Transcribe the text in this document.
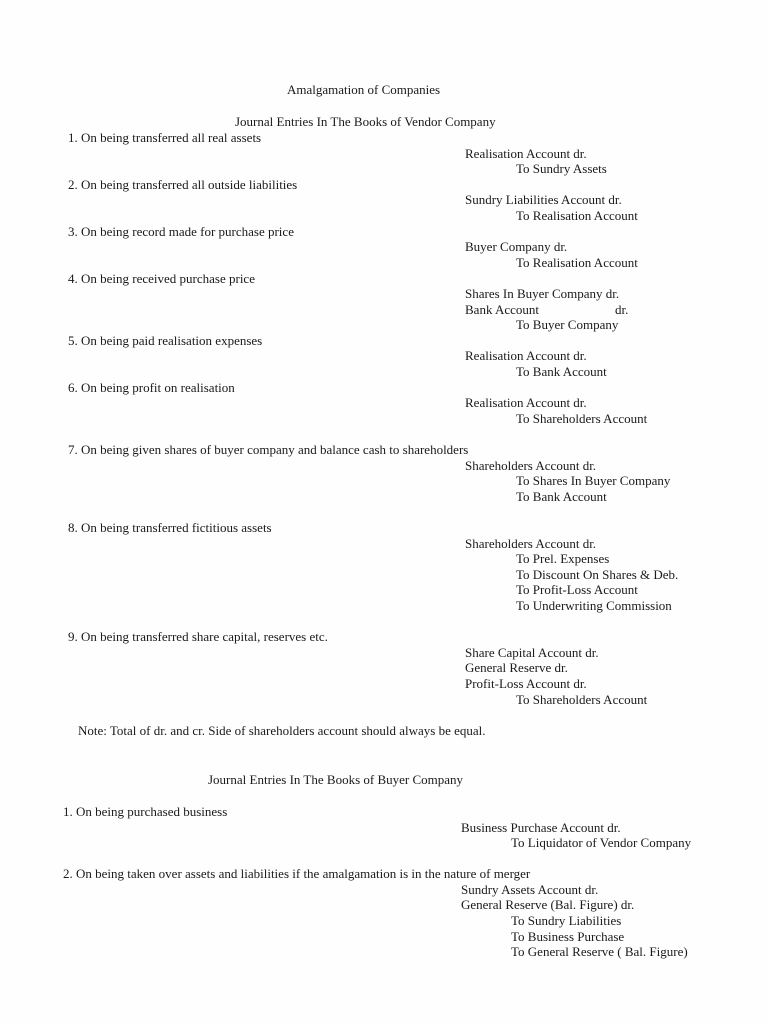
Amalgamation of Companies
Journal Entries In The Books of Vendor Company
1. On being transferred all real assets
Realisation Account dr.
To Sundry Assets
2. On being transferred all outside liabilities
Sundry Liabilities Account dr.
To Realisation Account
3. On being record made for purchase price
Buyer Company dr.
To Realisation Account
4. On being received purchase price
Shares In Buyer Company dr.
Bank Account	dr.
To Buyer Company
5. On being paid realisation expenses
Realisation Account dr.
To Bank Account
6. On being profit on realisation
Realisation Account dr.
To Shareholders Account
7. On being given shares of buyer company and balance cash to shareholders
Shareholders Account dr.
To Shares In Buyer Company
To Bank Account
8. On being transferred fictitious assets
Shareholders Account dr.
To Prel. Expenses
To Discount On Shares & Deb.
To Profit-Loss Account
To Underwriting Commission
9. On being transferred share capital, reserves etc.
Share Capital Account dr.
General Reserve dr.
Profit-Loss Account dr.
To Shareholders Account
Note: Total of dr. and cr. Side of shareholders account should always be equal.
Journal Entries In The Books of Buyer Company
1. On being purchased business
Business Purchase Account dr.
To Liquidator of Vendor Company
2. On being taken over assets and liabilities if the amalgamation is in the nature of merger
Sundry Assets Account dr.
General Reserve (Bal. Figure) dr.
To Sundry Liabilities
To Business Purchase
To General Reserve ( Bal. Figure)
